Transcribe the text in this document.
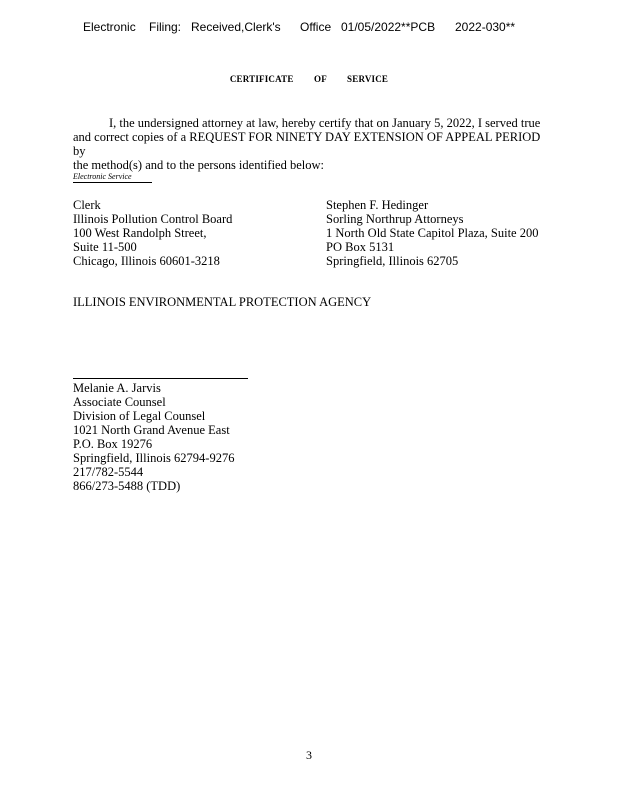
Electronic Filing: Received,Clerk's Office 01/05/2022**PCB 2022-030**
CERTIFICATE OF SERVICE

I, the undersigned attorney at law, hereby certify that on January 5, 2022, I served true

and correct copies of a REQUEST FOR NINETY DAY EXTENSION OF APPEAL PERIOD by

the method(s) and to the persons identified below:

Electronic Service
Clerk
Illinois Pollution Control Board
100 West Randolph Street,
Suite 11-500
Chicago, Illinois 60601-3218
Stephen F. Hedinger
Sorling Northrup Attorneys
1 North Old State Capitol Plaza, Suite 200
PO Box 5131
Springfield, Illinois 62705
ILLINOIS ENVIRONMENTAL PROTECTION AGENCY
Melanie A. Jarvis
Associate Counsel
Division of Legal Counsel
1021 North Grand Avenue East
P.O. Box 19276
Springfield, Illinois 62794-9276
217/782-5544
866/273-5488 (TDD)
3
